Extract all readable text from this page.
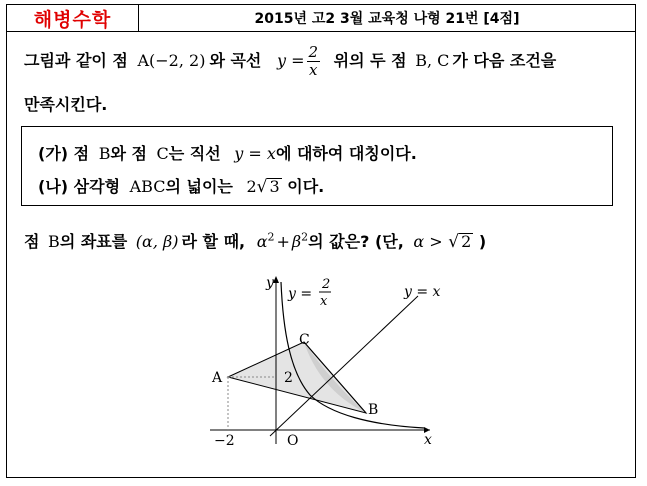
해병수학	2015년 고2 3월 교육청 나형 21번 [4점]
그림과 같이 점 A(−2, 2) 와 곡선 $y = \frac{2}{x}$ 위의 두 점 B, C 가 다음 조건을
만족시킨다.
(가) 점 B와 점 C는 직선 y = x에 대하여 대칭이다.
(나) 삼각형 ABC의 넓이는 2√ 3 이다.
점 B의 좌표를 (α, β) 라 할 때, $\alpha^2 + \beta^2$의 값은? (단, α > √ 2 )
y
x
y =
2
x
y = x
A
B
C
O
2
−2
